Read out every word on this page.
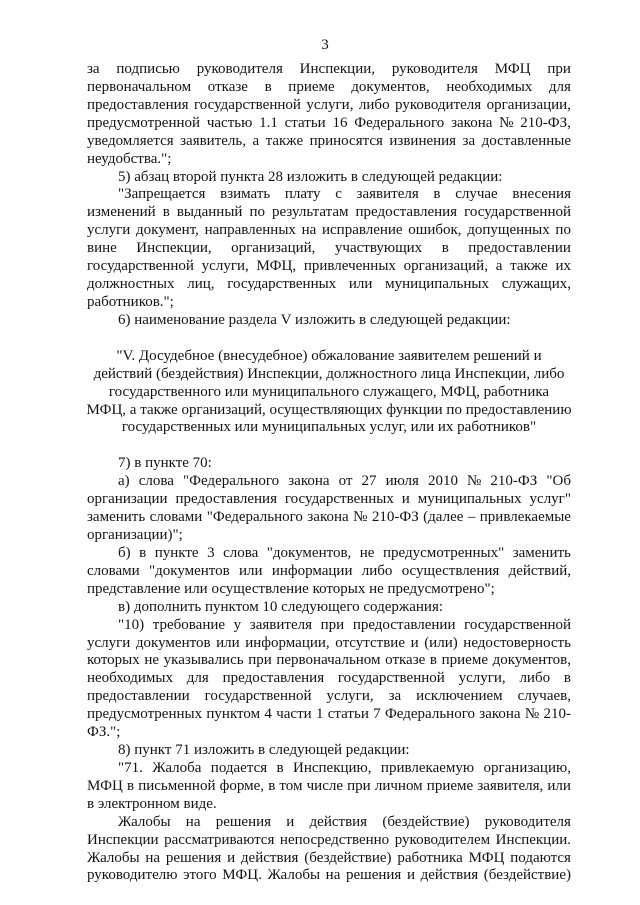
3
за подписью руководителя Инспекции, руководителя МФЦ при
первоначальном отказе в приеме документов, необходимых для
предоставления государственной услуги, либо руководителя организации,
предусмотренной частью 1.1 статьи 16 Федерального закона № 210-ФЗ,
уведомляется заявитель, а также приносятся извинения за доставленные
неудобства.";
5) абзац второй пункта 28 изложить в следующей редакции:
"Запрещается взимать плату с заявителя в случае внесения
изменений в выданный по результатам предоставления государственной
услуги документ, направленных на исправление ошибок, допущенных по
вине Инспекции, организаций, участвующих в предоставлении
государственной услуги, МФЦ, привлеченных организаций, а также их
должностных лиц, государственных или муниципальных служащих,
работников.";
6) наименование раздела V изложить в следующей редакции:
"V. Досудебное (внесудебное) обжалование заявителем решений и
действий (бездействия) Инспекции, должностного лица Инспекции, либо
государственного или муниципального служащего, МФЦ, работника
МФЦ, а также организаций, осуществляющих функции по предоставлению
государственных или муниципальных услуг, или их работников"
7) в пункте 70:
а) слова "Федерального закона от 27 июля 2010 № 210-ФЗ "Об
организации предоставления государственных и муниципальных услуг"
заменить словами "Федерального закона № 210-ФЗ (далее – привлекаемые
организации)";
б) в пункте 3 слова "документов, не предусмотренных" заменить
словами "документов или информации либо осуществления действий,
представление или осуществление которых не предусмотрено";
в) дополнить пунктом 10 следующего содержания:
"10) требование у заявителя при предоставлении государственной
услуги документов или информации, отсутствие и (или) недостоверность
которых не указывались при первоначальном отказе в приеме документов,
необходимых для предоставления государственной услуги, либо в
предоставлении государственной услуги, за исключением случаев,
предусмотренных пунктом 4 части 1 статьи 7 Федерального закона № 210-
ФЗ.";
8) пункт 71 изложить в следующей редакции:
"71. Жалоба подается в Инспекцию, привлекаемую организацию,
МФЦ в письменной форме, в том числе при личном приеме заявителя, или
в электронном виде.
Жалобы на решения и действия (бездействие) руководителя
Инспекции рассматриваются непосредственно руководителем Инспекции.
Жалобы на решения и действия (бездействие) работника МФЦ подаются
руководителю этого МФЦ. Жалобы на решения и действия (бездействие)
